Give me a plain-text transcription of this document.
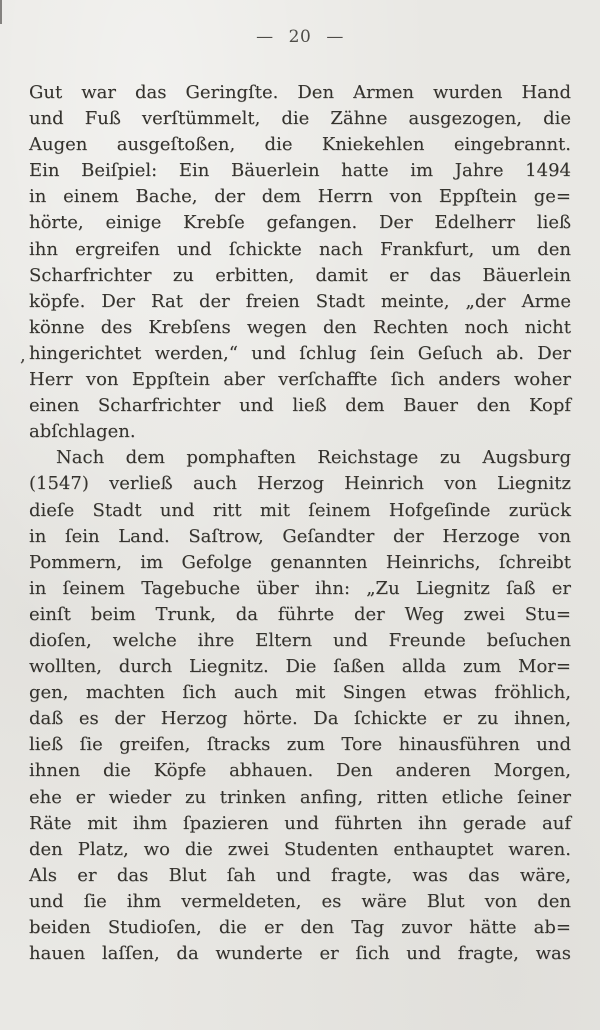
— 20 —
Gut war das Geringſte. Den Armen wurden Hand
und Fuß verſtümmelt, die Zähne ausgezogen, die
Augen ausgeſtoßen, die Kniekehlen eingebrannt.
Ein Beiſpiel: Ein Bäuerlein hatte im Jahre 1494
in einem Bache, der dem Herrn von Eppſtein ge=
hörte, einige Krebſe gefangen. Der Edelherr ließ
ihn ergreifen und ſchickte nach Frankfurt, um den
Scharfrichter zu erbitten, damit er das Bäuerlein
köpfe. Der Rat der freien Stadt meinte, „der Arme
könne des Krebſens wegen den Rechten noch nicht
hingerichtet werden,“ und ſchlug ſein Geſuch ab. Der
,
Herr von Eppſtein aber verſchaffte ſich anders woher
einen Scharfrichter und ließ dem Bauer den Kopf
abſchlagen.
Nach dem pomphaften Reichstage zu Augsburg
(1547) verließ auch Herzog Heinrich von Liegnitz
dieſe Stadt und ritt mit ſeinem Hofgeſinde zurück
in ſein Land. Saſtrow, Geſandter der Herzoge von
Pommern, im Gefolge genannten Heinrichs, ſchreibt
in ſeinem Tagebuche über ihn: „Zu Liegnitz ſaß er
einſt beim Trunk, da führte der Weg zwei Stu=
dioſen, welche ihre Eltern und Freunde beſuchen
wollten, durch Liegnitz. Die ſaßen allda zum Mor=
gen, machten ſich auch mit Singen etwas fröhlich,
daß es der Herzog hörte. Da ſchickte er zu ihnen,
ließ ſie greifen, ſtracks zum Tore hinausführen und
ihnen die Köpfe abhauen. Den anderen Morgen,
ehe er wieder zu trinken anfing, ritten etliche ſeiner
Räte mit ihm ſpazieren und führten ihn gerade auf
den Platz, wo die zwei Studenten enthauptet waren.
Als er das Blut ſah und fragte, was das wäre,
und ſie ihm vermeldeten, es wäre Blut von den
beiden Studioſen, die er den Tag zuvor hätte ab=
hauen laſſen, da wunderte er ſich und fragte, was
